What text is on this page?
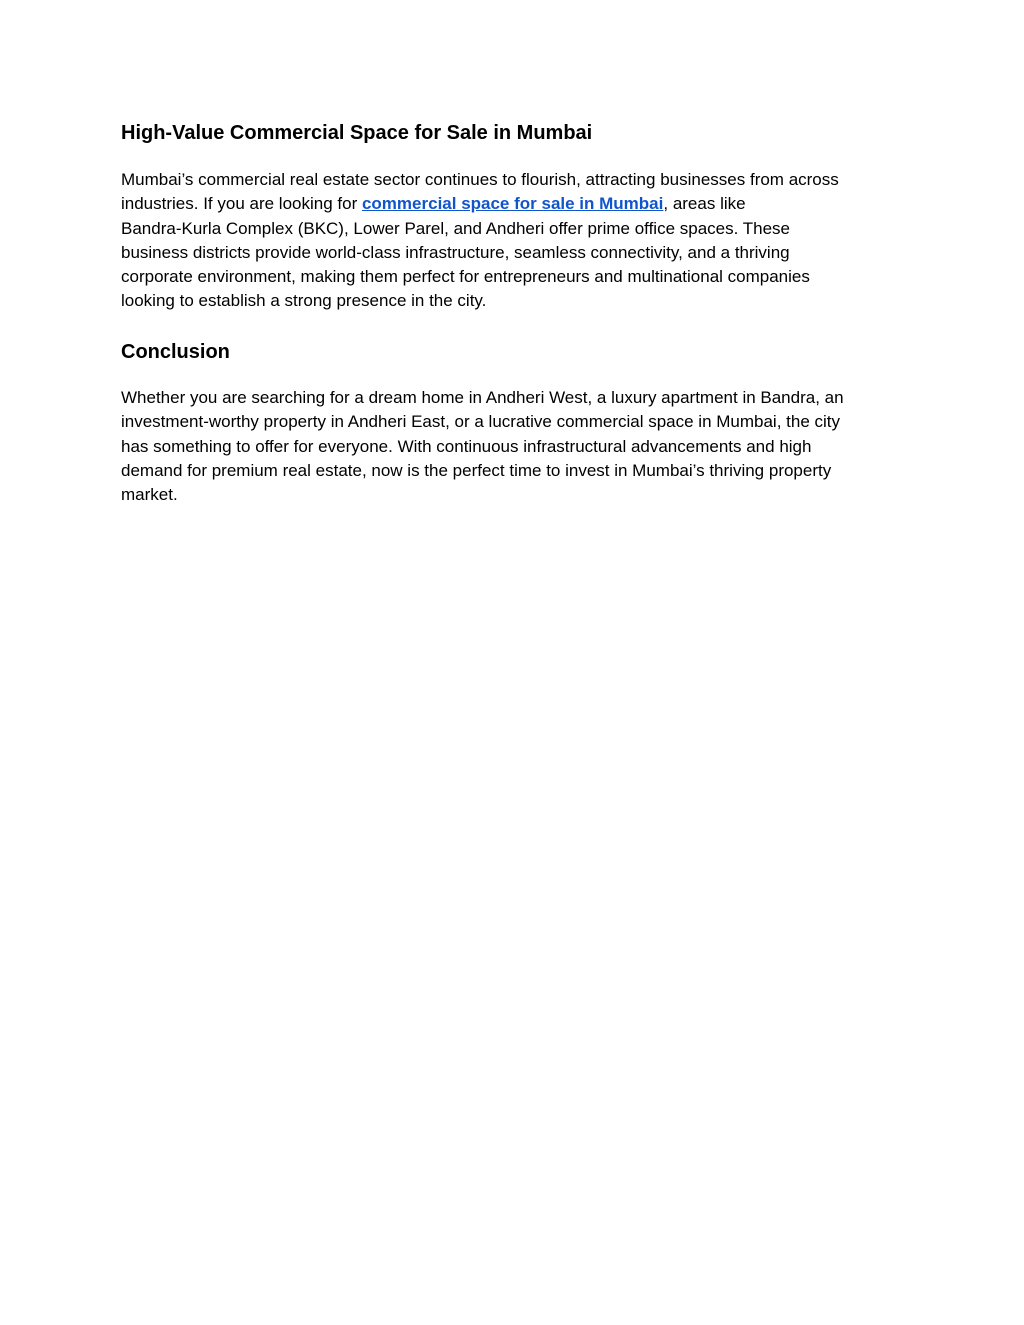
High-Value Commercial Space for Sale in Mumbai

Mumbai’s commercial real estate sector continues to flourish, attracting businesses from across
industries. If you are looking for commercial space for sale in Mumbai, areas like
Bandra-Kurla Complex (BKC), Lower Parel, and Andheri offer prime office spaces. These
business districts provide world-class infrastructure, seamless connectivity, and a thriving
corporate environment, making them perfect for entrepreneurs and multinational companies
looking to establish a strong presence in the city.

Conclusion

Whether you are searching for a dream home in Andheri West, a luxury apartment in Bandra, an
investment-worthy property in Andheri East, or a lucrative commercial space in Mumbai, the city
has something to offer for everyone. With continuous infrastructural advancements and high
demand for premium real estate, now is the perfect time to invest in Mumbai’s thriving property
market.
